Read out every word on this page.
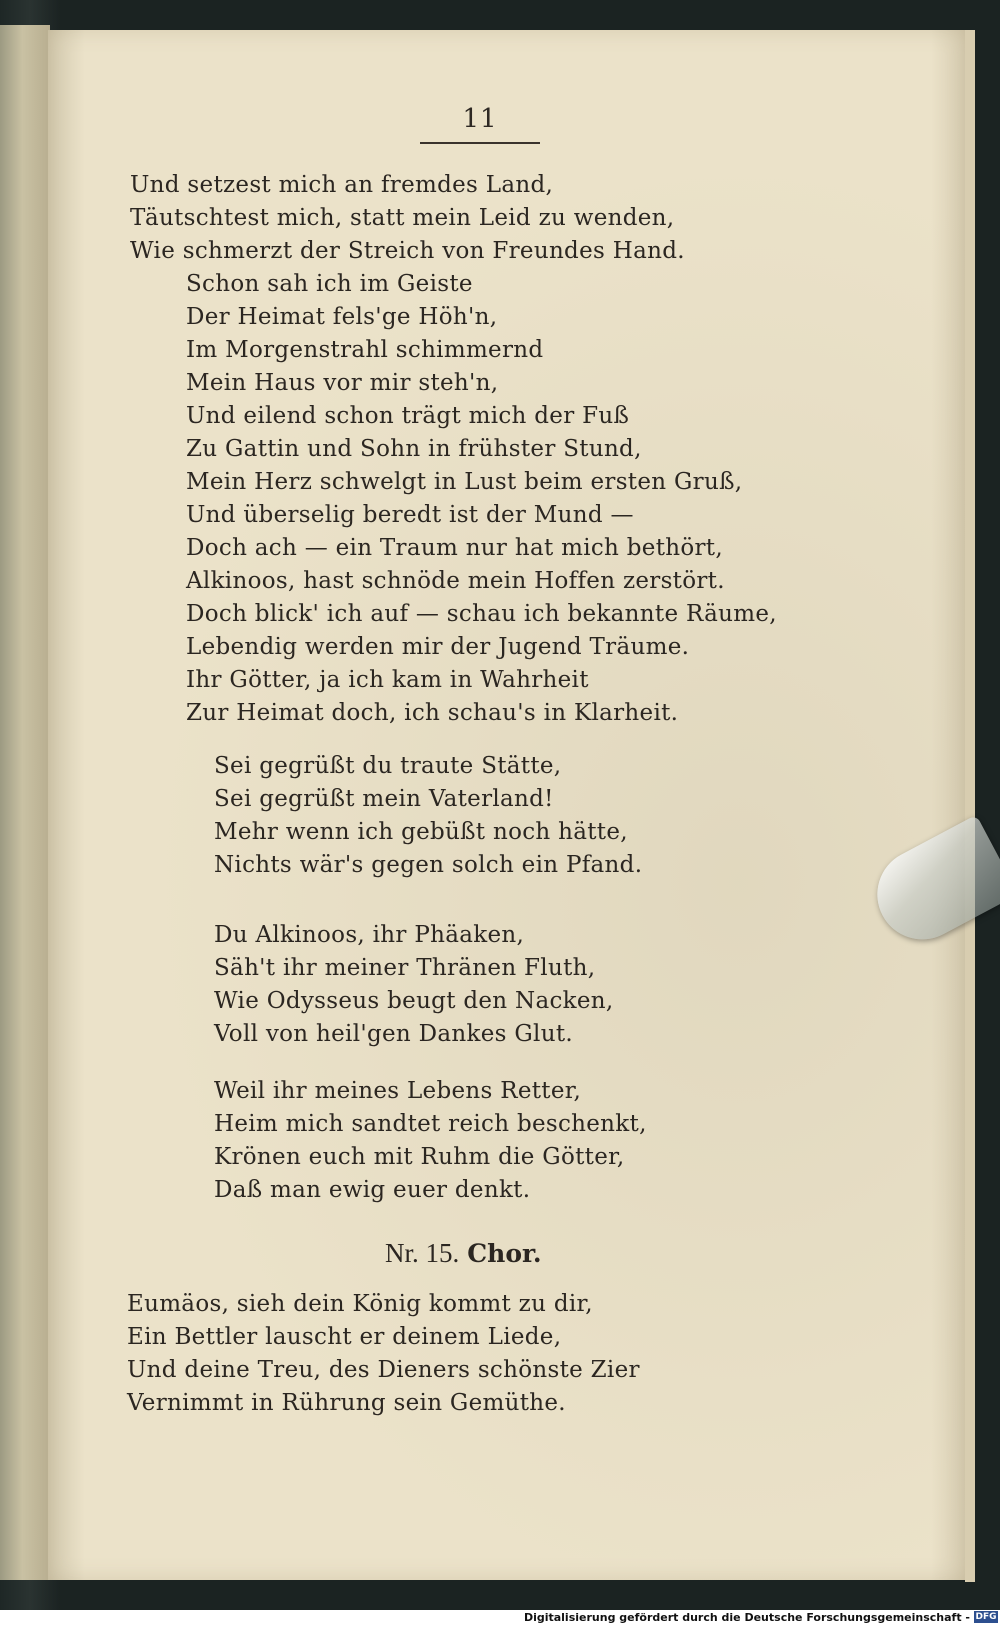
11
Und setzest mich an fremdes Land,
Täutschtest mich, statt mein Leid zu wenden,
Wie schmerzt der Streich von Freundes Hand.
Schon sah ich im Geiste
Der Heimat fels'ge Höh'n,
Im Morgenstrahl schimmernd
Mein Haus vor mir steh'n,
Und eilend schon trägt mich der Fuß
Zu Gattin und Sohn in frühster Stund,
Mein Herz schwelgt in Lust beim ersten Gruß,
Und überselig beredt ist der Mund —
Doch ach — ein Traum nur hat mich bethört,
Alkinoos, hast schnöde mein Hoffen zerstört.
Doch blick' ich auf — schau ich bekannte Räume,
Lebendig werden mir der Jugend Träume.
Ihr Götter, ja ich kam in Wahrheit
Zur Heimat doch, ich schau's in Klarheit.
Sei gegrüßt du traute Stätte,
Sei gegrüßt mein Vaterland!
Mehr wenn ich gebüßt noch hätte,
Nichts wär's gegen solch ein Pfand.
Du Alkinoos, ihr Phäaken,
Säh't ihr meiner Thränen Fluth,
Wie Odysseus beugt den Nacken,
Voll von heil'gen Dankes Glut.
Weil ihr meines Lebens Retter,
Heim mich sandtet reich beschenkt,
Krönen euch mit Ruhm die Götter,
Daß man ewig euer denkt.
Nr. 15. Chor.
Eumäos, sieh dein König kommt zu dir,
Ein Bettler lauscht er deinem Liede,
Und deine Treu, des Dieners schönste Zier
Vernimmt in Rührung sein Gemüthe.
Digitalisierung gefördert durch die Deutsche Forschungsgemeinschaft - DFG
